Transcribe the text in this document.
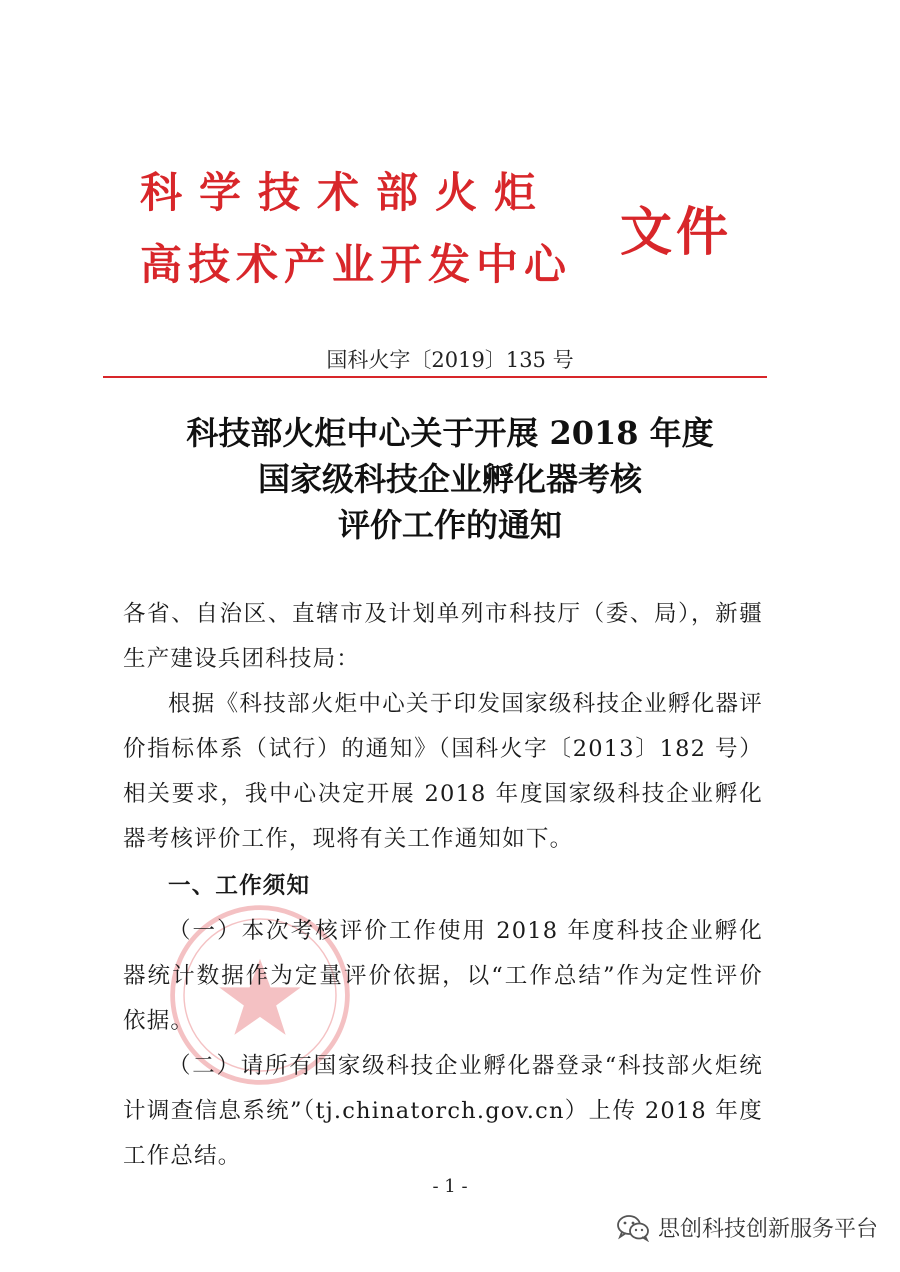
科学技术部火炬
高技术产业开发中心
文件
国科火字〔2019〕135 号
科技部火炬中心关于开展 2018 年度
国家级科技企业孵化器考核
评价工作的通知

各省、自治区、直辖市及计划单列市科技厅（委、局），新疆生产建设兵团科技局：

根据《科技部火炬中心关于印发国家级科技企业孵化器评价指标体系（试行）的通知》（国科火字〔2013〕182 号）相关要求，我中心决定开展 2018 年度国家级科技企业孵化器考核评价工作，现将有关工作通知如下。

一、工作须知

（一）本次考核评价工作使用 2018 年度科技企业孵化器统计数据作为定量评价依据，以“工作总结”作为定性评价依据。

（二）请所有国家级科技企业孵化器登录“科技部火炬统计调查信息系统”（tj.chinatorch.gov.cn）上传 2018 年度工作总结。

- 1 -
思创科技创新服务平台
